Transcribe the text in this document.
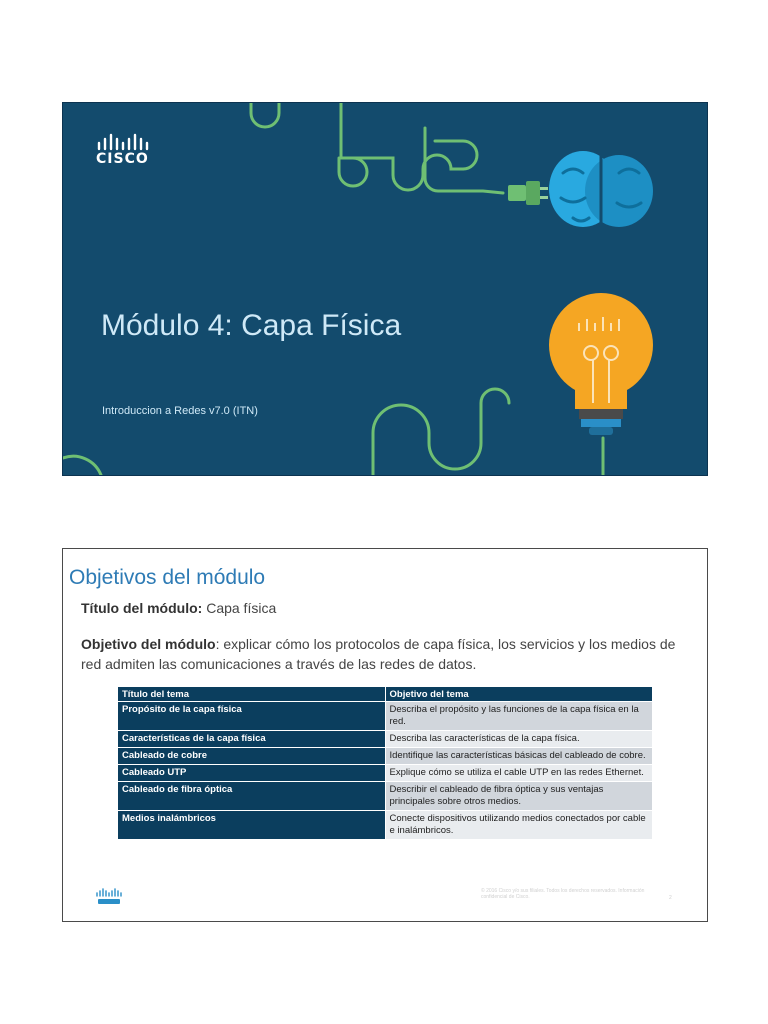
CISCO
Módulo 4: Capa Física
Introduccion a Redes v7.0 (ITN)
Objetivos del módulo
Título del módulo: Capa física
Objetivo del módulo: explicar cómo los protocolos de capa física, los servicios y los medios de red admiten las comunicaciones a través de las redes de datos.
Título del tema	Objetivo del tema
Propósito de la capa física	Describa el propósito y las funciones de la capa física en la red.
Características de la capa física	Describa las características de la capa física.
Cableado de cobre	Identifique las características básicas del cableado de cobre.
Cableado UTP	Explique cómo se utiliza el cable UTP en las redes Ethernet.
Cableado de fibra óptica	Describir el cableado de fibra óptica y sus ventajas principales sobre otros medios.
Medios inalámbricos	Conecte dispositivos utilizando medios conectados por cable e inalámbricos.
© 2016 Cisco y/o sus filiales. Todos los derechos reservados. Información confidencial de Cisco.	2
